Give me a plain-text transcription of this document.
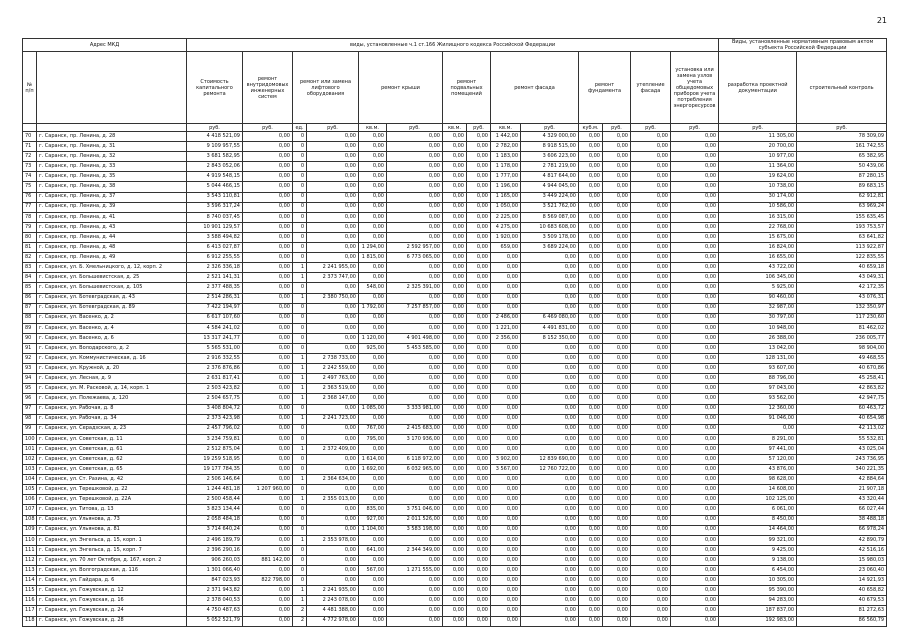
21
Адрес МКД		виды, установленные ч.1 ст.166 Жилищного кодекса Российской Федерации														Виды, установленные нормативным правовым актом субъекта Российской Федерации	
№ п/п		Стоимость капитального ремонта	ремонт внутридомовых инженерных систем	ремонт или замена лифтового оборудования		ремонт крыши		ремонт подвальных помещений		ремонт фасада		ремонт фундамента		утепление фасада	установка или замена узлов учета общедомовых приборов учета потребления энергоресурсов	разработка проектной документации	строительный контроль
		руб.	руб.	ед.	руб.	кв.м.	руб.	кв.м.	руб.	кв.м.	руб.	куб.м.	руб.	руб.	руб.	руб.	руб.
70	г. Саранск, пр. Ленина, д. 28	4 418 521,09	0,00	0	0,00	0,00	0,00	0,00	0,00	1 442,00	4 329 000,00	0,00	0,00	0,00	0,00	11 305,00	78 309,09
71	г. Саранск, пр. Ленина, д. 31	9 109 957,55	0,00	0	0,00	0,00	0,00	0,00	0,00	2 782,00	8 918 515,00	0,00	0,00	0,00	0,00	20 700,00	161 742,55
72	г. Саранск, пр. Ленина, д. 32	3 681 582,95	0,00	0	0,00	0,00	0,00	0,00	0,00	1 183,00	3 606 223,00	0,00	0,00	0,00	0,00	10 977,00	65 382,95
73	г. Саранск, пр. Ленина, д. 33	2 843 052,06	0,00	0	0,00	0,00	0,00	0,00	0,00	1 178,00	2 781 219,00	0,00	0,00	0,00	0,00	11 364,00	50 439,06
74	г. Саранск, пр. Ленина, д. 35	4 919 548,15	0,00	0	0,00	0,00	0,00	0,00	0,00	1 777,00	4 817 644,00	0,00	0,00	0,00	0,00	19 624,00	87 280,15
75	г. Саранск, пр. Ленина, д. 38	5 044 466,15	0,00	0	0,00	0,00	0,00	0,00	0,00	1 196,00	4 944 045,00	0,00	0,00	0,00	0,00	10 738,00	89 683,15
76	г. Саранск, пр. Ленина, д. 37	3 543 110,81	0,00	0	0,00	0,00	0,00	0,00	0,00	1 165,00	3 449 224,00	0,00	0,00	0,00	0,00	30 174,00	62 912,81
77	г. Саранск, пр. Ленина, д. 39	3 596 317,24	0,00	0	0,00	0,00	0,00	0,00	0,00	1 050,00	3 521 762,00	0,00	0,00	0,00	0,00	10 586,00	63 969,24
78	г. Саранск, пр. Ленина, д. 41	8 740 037,45	0,00	0	0,00	0,00	0,00	0,00	0,00	2 225,00	8 569 087,00	0,00	0,00	0,00	0,00	16 315,00	155 635,45
79	г. Саранск, пр. Ленина, д. 43	10 901 129,57	0,00	0	0,00	0,00	0,00	0,00	0,00	4 275,00	10 683 608,00	0,00	0,00	0,00	0,00	22 768,00	193 753,57
80	г. Саранск, пр. Ленина, д. 44	3 588 494,82	0,00	0	0,00	0,00	0,00	0,00	0,00	1 920,00	3 509 178,00	0,00	0,00	0,00	0,00	15 675,00	63 641,82
81	г. Саранск, пр. Ленина, д. 48	6 413 027,87	0,00	0	0,00	1 294,00	2 592 957,00	0,00	0,00	659,00	3 689 224,00	0,00	0,00	0,00	0,00	16 824,00	113 922,87
82	г. Саранск, пр. Ленина, д. 49	6 912 255,55	0,00	0	0,00	1 815,00	6 773 065,00	0,00	0,00	0,00	0,00	0,00	0,00	0,00	0,00	16 655,00	122 835,55
83	г. Саранск, ул. Б. Хмельницкого, д. 12, корп. 2	2 326 336,18	0,00	1	2 241 955,00	0,00	0,00	0,00	0,00	0,00	0,00	0,00	0,00	0,00	0,00	43 722,00	40 659,18
84	г. Саранск, ул. Большевистская, д. 25	2 521 141,31	0,00	1	2 373 747,00	0,00	0,00	0,00	0,00	0,00	0,00	0,00	0,00	0,00	0,00	106 345,00	43 049,31
85	г. Саранск, ул. Большевистская, д. 105	2 377 488,35	0,00	0	0,00	548,00	2 325 391,00	0,00	0,00	0,00	0,00	0,00	0,00	0,00	0,00	5 925,00	42 172,35
86	г. Саранск, ул. Ботевградская, д. 43	2 514 286,31	0,00	1	2 380 750,00	0,00	0,00	0,00	0,00	0,00	0,00	0,00	0,00	0,00	0,00	90 460,00	43 076,31
87	г. Саранск, ул. Ботевградская, д. 89	7 422 194,97	0,00	0	0,00	1 792,00	7 257 857,00	0,00	0,00	0,00	0,00	0,00	0,00	0,00	0,00	32 987,00	132 350,97
88	г. Саранск, ул. Васенко, д. 2	6 617 107,60	0,00	0	0,00	0,00	0,00	0,00	0,00	2 486,00	6 469 080,00	0,00	0,00	0,00	0,00	30 797,00	117 230,60
89	г. Саранск, ул. Васенко, д. 4	4 584 241,02	0,00	0	0,00	0,00	0,00	0,00	0,00	1 221,00	4 491 831,00	0,00	0,00	0,00	0,00	10 948,00	81 462,02
90	г. Саранск, ул. Васенко, д. 6	13 317 241,77	0,00	0	0,00	1 120,00	4 901 498,00	0,00	0,00	2 356,00	8 152 350,00	0,00	0,00	0,00	0,00	26 388,00	236 005,77
91	г. Саранск, ул. Володарского, д. 2	5 565 531,00	0,00	0	0,00	925,00	5 453 585,00	0,00	0,00	0,00	0,00	0,00	0,00	0,00	0,00	13 042,00	98 904,00
92	г. Саранск, ул. Коммунистическая, д. 16	2 916 332,55	0,00	1	2 738 733,00	0,00	0,00	0,00	0,00	0,00	0,00	0,00	0,00	0,00	0,00	128 131,00	49 468,55
93	г. Саранск, ул. Кружной, д. 20	2 376 876,86	0,00	1	2 242 559,00	0,00	0,00	0,00	0,00	0,00	0,00	0,00	0,00	0,00	0,00	93 607,00	40 670,86
94	г. Саранск, ул. Лесная, д. 9	2 631 817,41	0,00	1	2 497 763,00	0,00	0,00	0,00	0,00	0,00	0,00	0,00	0,00	0,00	0,00	88 796,00	45 258,41
95	г. Саранск, ул. М. Расковой, д. 14, корп. 1	2 503 423,82	0,00	1	2 363 519,00	0,00	0,00	0,00	0,00	0,00	0,00	0,00	0,00	0,00	0,00	97 043,00	42 863,82
96	г. Саранск, ул. Полежаева, д. 120	2 504 657,75	0,00	1	2 368 147,00	0,00	0,00	0,00	0,00	0,00	0,00	0,00	0,00	0,00	0,00	93 562,00	42 947,75
97	г. Саранск, ул. Рабочая, д. 8	3 408 804,72	0,00	0	0,00	1 085,00	3 333 981,00	0,00	0,00	0,00	0,00	0,00	0,00	0,00	0,00	12 360,00	60 463,72
98	г. Саранск, ул. Рабочая, д. 34	2 373 423,98	0,00	1	2 241 723,00	0,00	0,00	0,00	0,00	0,00	0,00	0,00	0,00	0,00	0,00	91 046,00	40 654,98
99	г. Саранск, ул. Серадзская, д. 23	2 457 796,02	0,00	0	0,00	767,00	2 415 683,00	0,00	0,00	0,00	0,00	0,00	0,00	0,00	0,00	0,00	42 113,02
100	г. Саранск, ул. Советская, д. 11	3 234 759,81	0,00	0	0,00	795,00	3 170 936,00	0,00	0,00	0,00	0,00	0,00	0,00	0,00	0,00	8 291,00	55 532,81
101	г. Саранск, ул. Советская, д. 61	2 512 875,04	0,00	1	2 372 409,00	0,00	0,00	0,00	0,00	0,00	0,00	0,00	0,00	0,00	0,00	97 441,00	43 025,04
102	г. Саранск, ул. Советская, д. 62	19 259 518,95	0,00	0	0,00	1 614,00	6 118 972,00	0,00	0,00	3 902,00	12 839 690,00	0,00	0,00	0,00	0,00	57 120,00	243 736,95
103	г. Саранск, ул. Советская, д. 65	19 177 784,35	0,00	0	0,00	1 692,00	6 032 965,00	0,00	0,00	3 567,00	12 760 722,00	0,00	0,00	0,00	0,00	43 876,00	340 221,35
104	г. Саранск, ул. Ст. Разина, д. 42	2 506 146,64	0,00	1	2 364 634,00	0,00	0,00	0,00	0,00	0,00	0,00	0,00	0,00	0,00	0,00	98 628,00	42 884,64
105	г. Саранск, ул. Терешковой, д. 22	1 244 481,18	1 207 960,00	0	0,00	0,00	0,00	0,00	0,00	0,00	0,00	0,00	0,00	0,00	0,00	14 608,00	21 907,18
106	г. Саранск, ул. Терешковой, д. 22А	2 500 458,44	0,00	1	2 355 013,00	0,00	0,00	0,00	0,00	0,00	0,00	0,00	0,00	0,00	0,00	102 125,00	43 320,44
107	г. Саранск, ул. Титова, д. 13	3 823 134,44	0,00	0	0,00	835,00	3 751 046,00	0,00	0,00	0,00	0,00	0,00	0,00	0,00	0,00	6 061,00	66 027,44
108	г. Саранск, ул. Ульянова, д. 73	2 058 484,18	0,00	0	0,00	927,00	2 011 526,00	0,00	0,00	0,00	0,00	0,00	0,00	0,00	0,00	8 450,00	38 488,18
109	г. Саранск, ул. Ульянова, д. 81	3 714 640,24	0,00	0	0,00	1 104,00	3 583 198,00	0,00	0,00	0,00	0,00	0,00	0,00	0,00	0,00	14 464,00	66 978,24
110	г. Саранск, ул. Энгельса, д. 15, корп. 1	2 496 189,79	0,00	1	2 353 978,00	0,00	0,00	0,00	0,00	0,00	0,00	0,00	0,00	0,00	0,00	99 321,00	42 890,79
111	г. Саранск, ул. Энгельса, д. 15, корп. 7	2 396 290,16	0,00	0	0,00	641,00	2 344 349,00	0,00	0,00	0,00	0,00	0,00	0,00	0,00	0,00	9 425,00	42 516,16
112	г. Саранск, ул. 70 лет Октября, д. 167, корп. 2	906 260,03	881 142,00	0	0,00	0,00	0,00	0,00	0,00	0,00	0,00	0,00	0,00	0,00	0,00	9 138,00	15 980,03
113	г. Саранск, ул. Волгоградская, д. 116	1 301 066,40	0,00	0	0,00	567,00	1 271 555,00	0,00	0,00	0,00	0,00	0,00	0,00	0,00	0,00	6 454,00	23 060,40
114	г. Саранск, ул. Гайдара, д. 6	847 023,93	822 798,00	0	0,00	0,00	0,00	0,00	0,00	0,00	0,00	0,00	0,00	0,00	0,00	10 305,00	14 921,93
115	г. Саранск, ул. Гожувская, д. 12	2 371 943,82	0,00	1	2 241 935,00	0,00	0,00	0,00	0,00	0,00	0,00	0,00	0,00	0,00	0,00	95 390,00	40 658,82
116	г. Саранск, ул. Гожувская, д. 16	2 378 040,53	0,00	1	2 243 078,00	0,00	0,00	0,00	0,00	0,00	0,00	0,00	0,00	0,00	0,00	94 283,00	40 679,53
117	г. Саранск, ул. Гожувская, д. 24	4 750 487,63	0,00	2	4 481 388,00	0,00	0,00	0,00	0,00	0,00	0,00	0,00	0,00	0,00	0,00	187 837,00	81 272,63
118	г. Саранск, ул. Гожувская, д. 28	5 052 521,79	0,00	2	4 772 978,00	0,00	0,00	0,00	0,00	0,00	0,00	0,00	0,00	0,00	0,00	192 983,00	86 560,79
